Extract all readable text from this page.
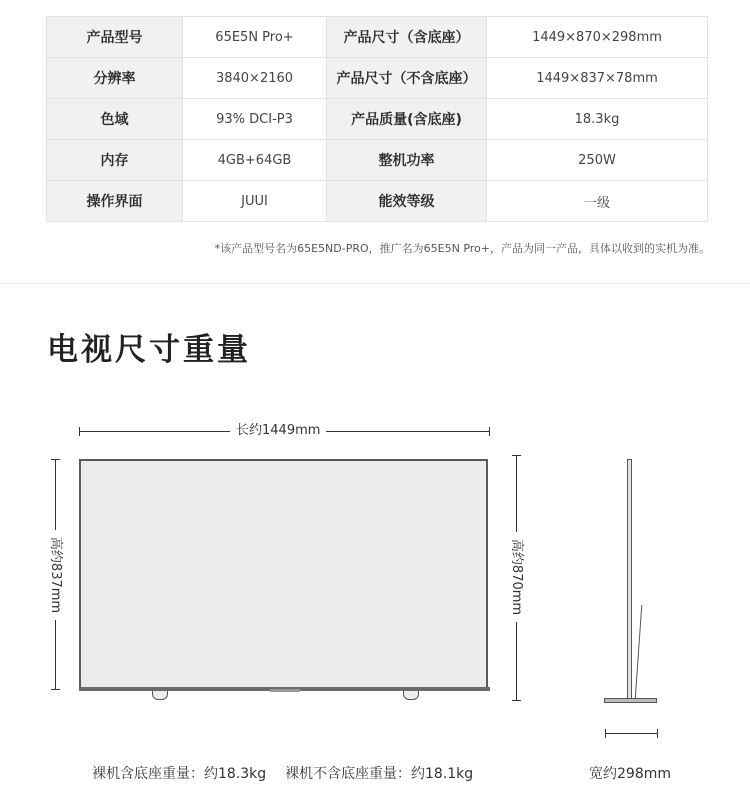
产品型号	65E5N Pro+	产品尺寸（含底座）	1449×870×298mm
分辨率	3840×2160	产品尺寸（不含底座）	1449×837×78mm
色域	93% DCI-P3	产品质量(含底座)	18.3kg
内存	4GB+64GB	整机功率	250W
操作界面	JUUI	能效等级	一级
*该产品型号名为65E5ND-PRO，推广名为65E5N Pro+，产品为同一产品，具体以收到的实机为准。
电视尺寸重量
长约1449mm
高约837mm	高约870mm
裸机含底座重量：约18.3kg 裸机不含底座重量：约18.1kg	宽约298mm
